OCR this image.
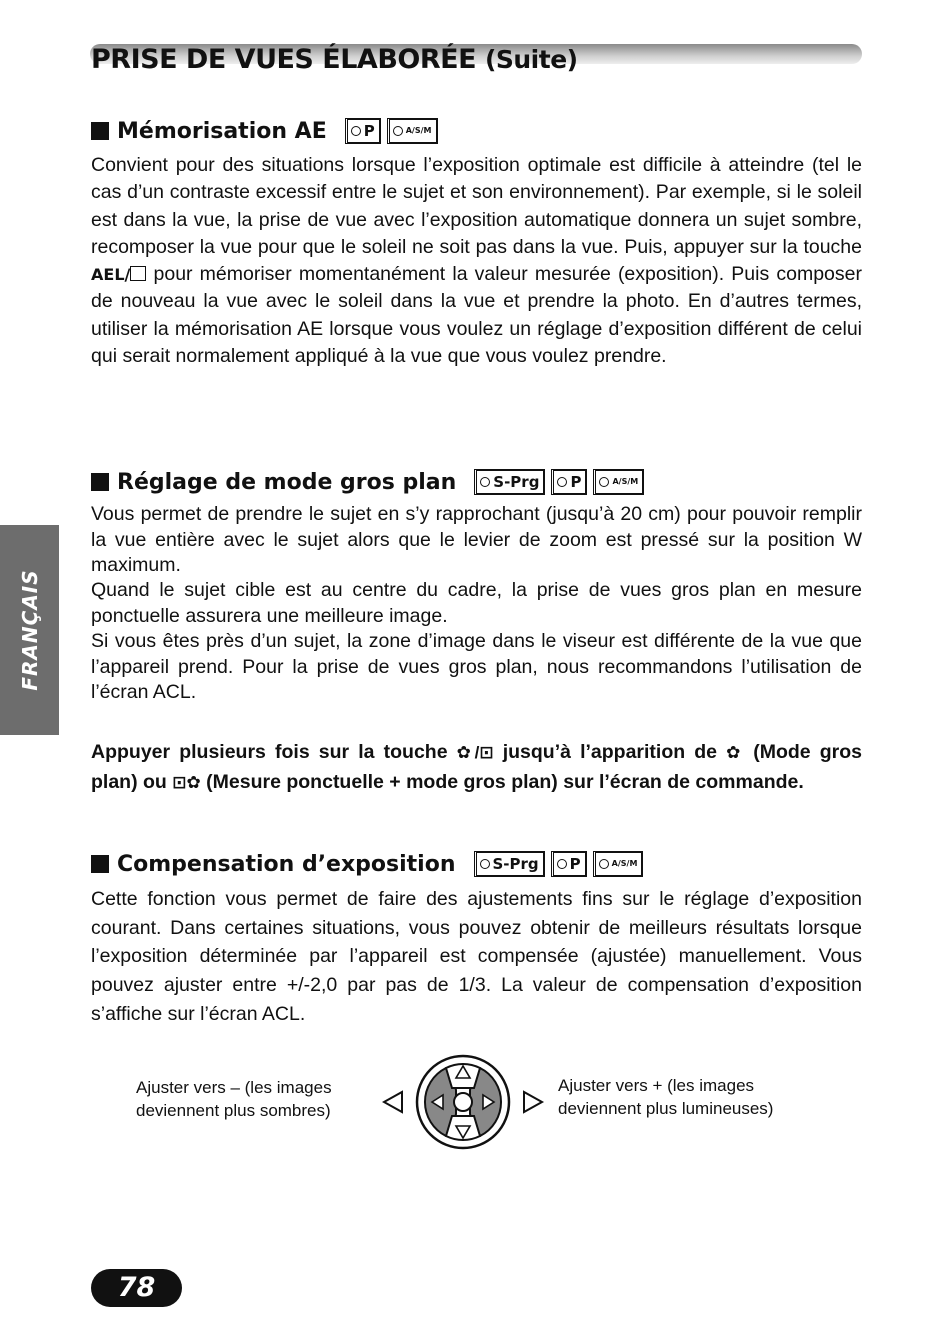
PRISE DE VUES ÉLABORÉE (Suite)
Mémorisation AE P	A/S/M

Convient pour des situations lorsque l’exposition optimale est difficile à atteindre (tel le cas d’un contraste excessif entre le sujet et son environnement). Par exemple, si le soleil est dans la vue, la prise de vue avec l’exposition automatique donnera un sujet sombre, recomposer la vue pour que le soleil ne soit pas dans la vue. Puis, appuyer sur la touche AEL/ pour mémoriser momentanément la valeur mesurée (exposition). Puis composer de nouveau la vue avec le soleil dans la vue et prendre la photo. En d’autres termes, utiliser la mémorisation AE lorsque vous voulez un réglage d’exposition différent de celui qui serait normalement appliqué à la vue que vous voulez prendre.

Réglage de mode gros plan S-Prg P	A/S/M

Vous permet de prendre le sujet en s’y rapprochant (jusqu’à 20 cm) pour pouvoir remplir la vue entière avec le sujet alors que le levier de zoom est pressé sur la position W maximum.

Quand le sujet cible est au centre du cadre, la prise de vues gros plan en mesure ponctuelle assurera une meilleure image.

Si vous êtes près d’un sujet, la zone d’image dans le viseur est différente de la vue que l’appareil prend. Pour la prise de vues gros plan, nous recommandons l’utilisation de l’écran ACL.

Appuyer plusieurs fois sur la touche ✿/⊡ jusqu’à l’apparition de ✿ (Mode gros plan) ou ⊡✿ (Mesure ponctuelle + mode gros plan) sur l’écran de commande.

Compensation d’exposition S-Prg P	A/S/M

Cette fonction vous permet de faire des ajustements fins sur le réglage d’exposition courant. Dans certaines situations, vous pouvez obtenir de meilleurs résultats lorsque l’exposition déterminée par l’appareil est compensée (ajustée) manuellement. Vous pouvez ajuster entre +/-2,0 par pas de 1/3. La valeur de compensation d’exposition s’affiche sur l’écran ACL.

Ajuster vers – (les images
deviennent plus sombres)

Ajuster vers + (les images
deviennent plus lumineuses)

FRANÇAIS
78
